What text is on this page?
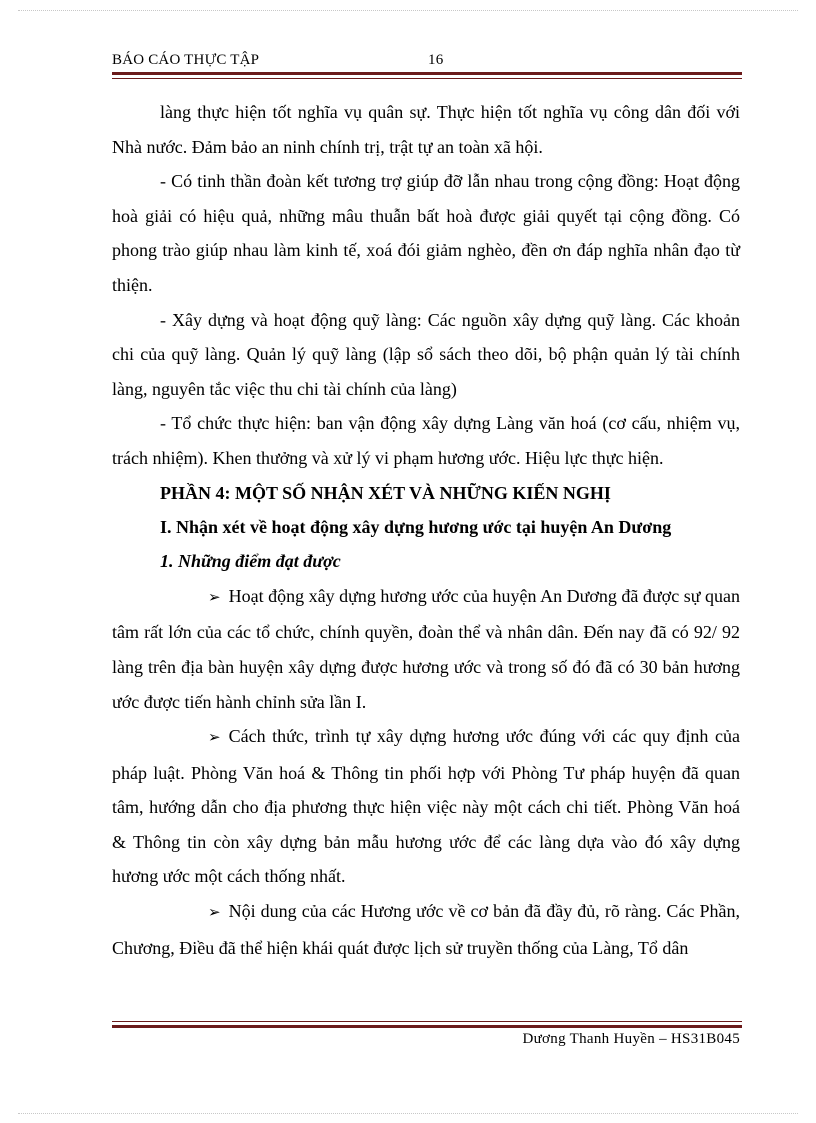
BÁO CÁO THỰC TẬP	16

làng thực hiện tốt nghĩa vụ quân sự. Thực hiện tốt nghĩa vụ công dân đối với Nhà nước. Đảm bảo an ninh chính trị, trật tự an toàn xã hội.

- Có tinh thần đoàn kết tương trợ giúp đỡ lẫn nhau trong cộng đồng: Hoạt động hoà giải có hiệu quả, những mâu thuẫn bất hoà được giải quyết tại cộng đồng. Có phong trào giúp nhau làm kinh tế, xoá đói giảm nghèo, đền ơn đáp nghĩa nhân đạo từ thiện.

- Xây dựng và hoạt động quỹ làng: Các nguồn xây dựng quỹ làng. Các khoản chi của quỹ làng. Quản lý quỹ làng (lập sổ sách theo dõi, bộ phận quản lý tài chính làng, nguyên tắc việc thu chi tài chính của làng)

- Tổ chức thực hiện: ban vận động xây dựng Làng văn hoá (cơ cấu, nhiệm vụ, trách nhiệm). Khen thưởng và xử lý vi phạm hương ước. Hiệu lực thực hiện.

PHẦN 4: MỘT SỐ NHẬN XÉT VÀ NHỮNG KIẾN NGHỊ

I. Nhận xét về hoạt động xây dựng hương ước tại huyện An Dương

1. Những điểm đạt được

➢ Hoạt động xây dựng hương ước của huyện An Dương đã được sự quan tâm rất lớn của các tổ chức, chính quyền, đoàn thể và nhân dân. Đến nay đã có 92/ 92 làng trên địa bàn huyện xây dựng được hương ước và trong số đó đã có 30 bản hương ước được tiến hành chỉnh sửa lần I.

➢ Cách thức, trình tự xây dựng hương ước đúng với các quy định của pháp luật. Phòng Văn hoá & Thông tin phối hợp với Phòng Tư pháp huyện đã quan tâm, hướng dẫn cho địa phương thực hiện việc này một cách chi tiết. Phòng Văn hoá & Thông tin còn xây dựng bản mẫu hương ước để các làng dựa vào đó xây dựng hương ước một cách thống nhất.

➢ Nội dung của các Hương ước về cơ bản đã đầy đủ, rõ ràng. Các Phần, Chương, Điều đã thể hiện khái quát được lịch sử truyền thống của Làng, Tổ dân

Dương Thanh Huyền – HS31B045
